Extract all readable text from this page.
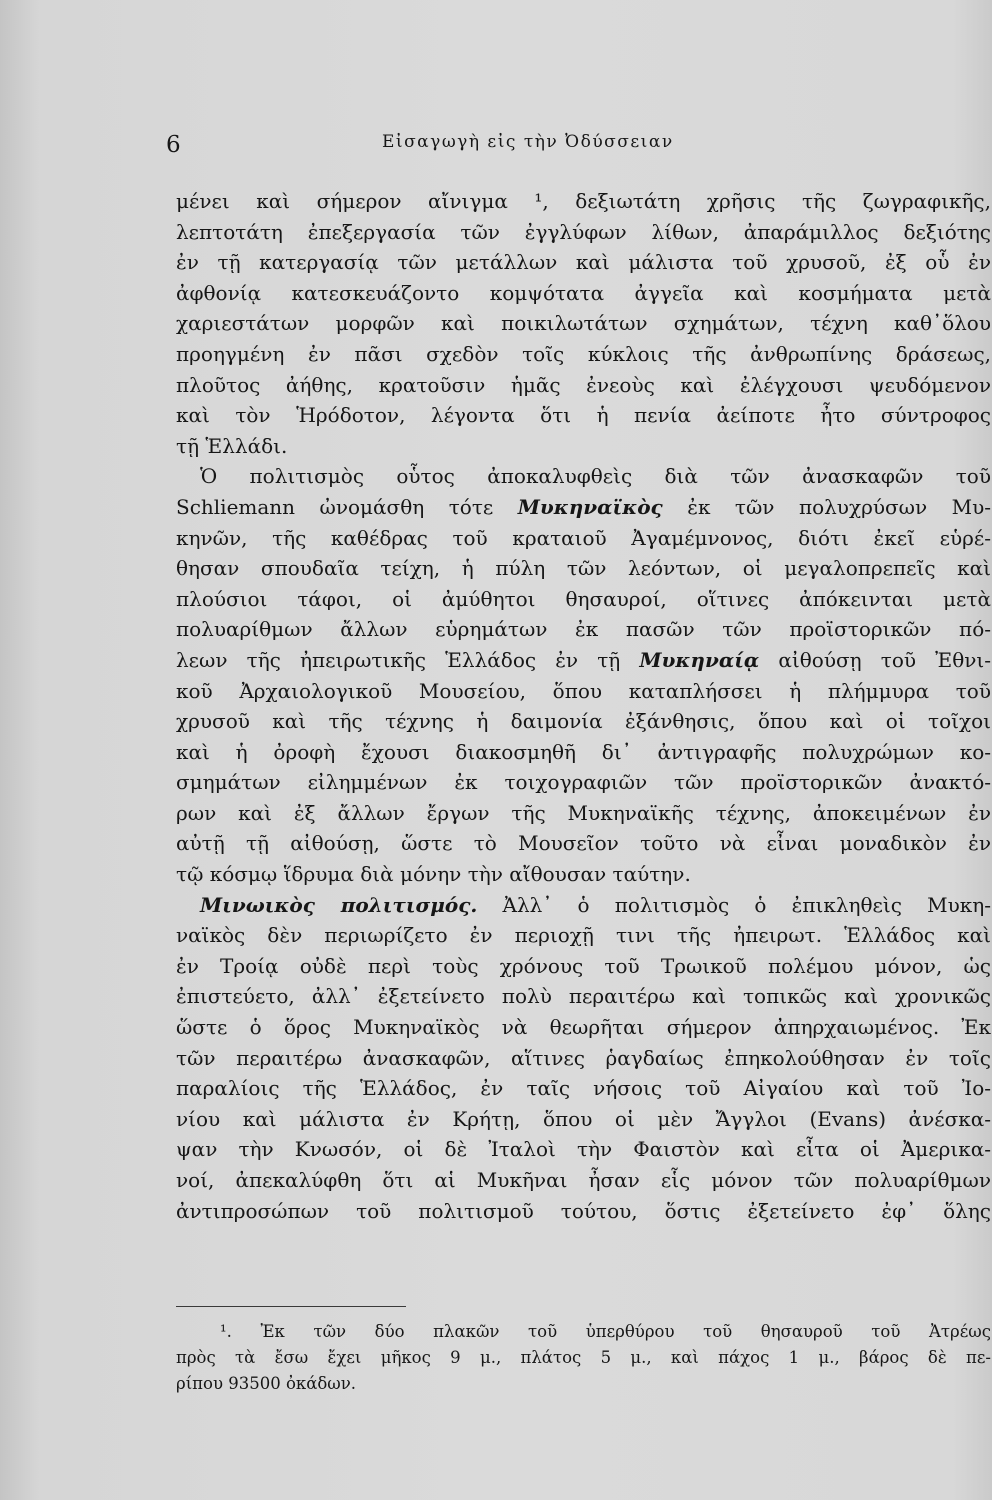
6	Εἰσαγωγὴ εἰς τὴν Ὀδύσσειαν
μένει καὶ σήμερον αἴνιγμα ¹, δεξιωτάτη χρῆσις τῆς ζωγραφικῆς,
λεπτοτάτη ἐπεξεργασία τῶν ἐγγλύφων λίθων, ἀπαράμιλλος δεξιότης
ἐν τῇ κατεργασίᾳ τῶν μετάλλων καὶ μάλιστα τοῦ χρυσοῦ, ἐξ οὗ ἐν
ἀφθονίᾳ κατεσκευάζοντο κομψότατα ἀγγεῖα καὶ κοσμήματα μετὰ
χαριεστάτων μορφῶν καὶ ποικιλωτάτων σχημάτων, τέχνη καθ᾽ὅλου
προηγμένη ἐν πᾶσι σχεδὸν τοῖς κύκλοις τῆς ἀνθρωπίνης δράσεως,
πλοῦτος ἀήθης, κρατοῦσιν ἡμᾶς ἐνεοὺς καὶ ἐλέγχουσι ψευδόμενον
καὶ τὸν Ἡρόδοτον, λέγοντα ὅτι ἡ πενία ἀείποτε ἦτο σύντροφος
τῇ Ἑλλάδι.
Ὁ πολιτισμὸς οὗτος ἀποκαλυφθεὶς διὰ τῶν ἀνασκαφῶν τοῦ
Schliemann ὠνομάσθη τότε Μυκηναϊκὸς ἐκ τῶν πολυχρύσων Μυ-
κηνῶν, τῆς καθέδρας τοῦ κραταιοῦ Ἀγαμέμνονος, διότι ἐκεῖ εὑρέ-
θησαν σπουδαῖα τείχη, ἡ πύλη τῶν λεόντων, οἱ μεγαλοπρεπεῖς καὶ
πλούσιοι τάφοι, οἱ ἀμύθητοι θησαυροί, οἵτινες ἀπόκεινται μετὰ
πολυαρίθμων ἄλλων εὑρημάτων ἐκ πασῶν τῶν προϊστορικῶν πό-
λεων τῆς ἠπειρωτικῆς Ἑλλάδος ἐν τῇ Μυκηναίᾳ αἰθούσῃ τοῦ Ἐθνι-
κοῦ Ἀρχαιολογικοῦ Μουσείου, ὅπου καταπλήσσει ἡ πλήμμυρα τοῦ
χρυσοῦ καὶ τῆς τέχνης ἡ δαιμονία ἐξάνθησις, ὅπου καὶ οἱ τοῖχοι
καὶ ἡ ὀροφὴ ἔχουσι διακοσμηθῆ δι᾽ ἀντιγραφῆς πολυχρώμων κο-
σμημάτων εἰλημμένων ἐκ τοιχογραφιῶν τῶν προϊστορικῶν ἀνακτό-
ρων καὶ ἐξ ἄλλων ἔργων τῆς Μυκηναϊκῆς τέχνης, ἀποκειμένων ἐν
αὐτῇ τῇ αἰθούσῃ, ὥστε τὸ Μουσεῖον τοῦτο νὰ εἶναι μοναδικὸν ἐν
τῷ κόσμῳ ἵδρυμα διὰ μόνην τὴν αἴθουσαν ταύτην.
Μινωικὸς πολιτισμός. Ἀλλ᾽ ὁ πολιτισμὸς ὁ ἐπικληθεὶς Μυκη-
ναϊκὸς δὲν περιωρίζετο ἐν περιοχῇ τινι τῆς ἠπειρωτ. Ἑλλάδος καὶ
ἐν Τροίᾳ οὐδὲ περὶ τοὺς χρόνους τοῦ Τρωικοῦ πολέμου μόνον, ὡς
ἐπιστεύετο, ἀλλ᾽ ἐξετείνετο πολὺ περαιτέρω καὶ τοπικῶς καὶ χρονικῶς
ὥστε ὁ ὅρος Μυκηναϊκὸς νὰ θεωρῆται σήμερον ἀπηρχαιωμένος. Ἐκ
τῶν περαιτέρω ἀνασκαφῶν, αἵτινες ῥαγδαίως ἐπηκολούθησαν ἐν τοῖς
παραλίοις τῆς Ἑλλάδος, ἐν ταῖς νήσοις τοῦ Αἰγαίου καὶ τοῦ Ἰο-
νίου καὶ μάλιστα ἐν Κρήτῃ, ὅπου οἱ μὲν Ἄγγλοι (Evans) ἀνέσκα-
ψαν τὴν Κνωσόν, οἱ δὲ Ἰταλοὶ τὴν Φαιστὸν καὶ εἶτα οἱ Ἀμερικα-
νοί, ἀπεκαλύφθη ὅτι αἱ Μυκῆναι ἦσαν εἷς μόνον τῶν πολυαρίθμων
ἀντιπροσώπων τοῦ πολιτισμοῦ τούτου, ὅστις ἐξετείνετο ἐφ᾽ ὅλης
¹. Ἐκ τῶν δύο πλακῶν τοῦ ὑπερθύρου τοῦ θησαυροῦ τοῦ Ἀτρέως
πρὸς τὰ ἔσω ἔχει μῆκος 9 μ., πλάτος 5 μ., καὶ πάχος 1 μ., βάρος δὲ πε-
ρίπου 93500 ὀκάδων.
